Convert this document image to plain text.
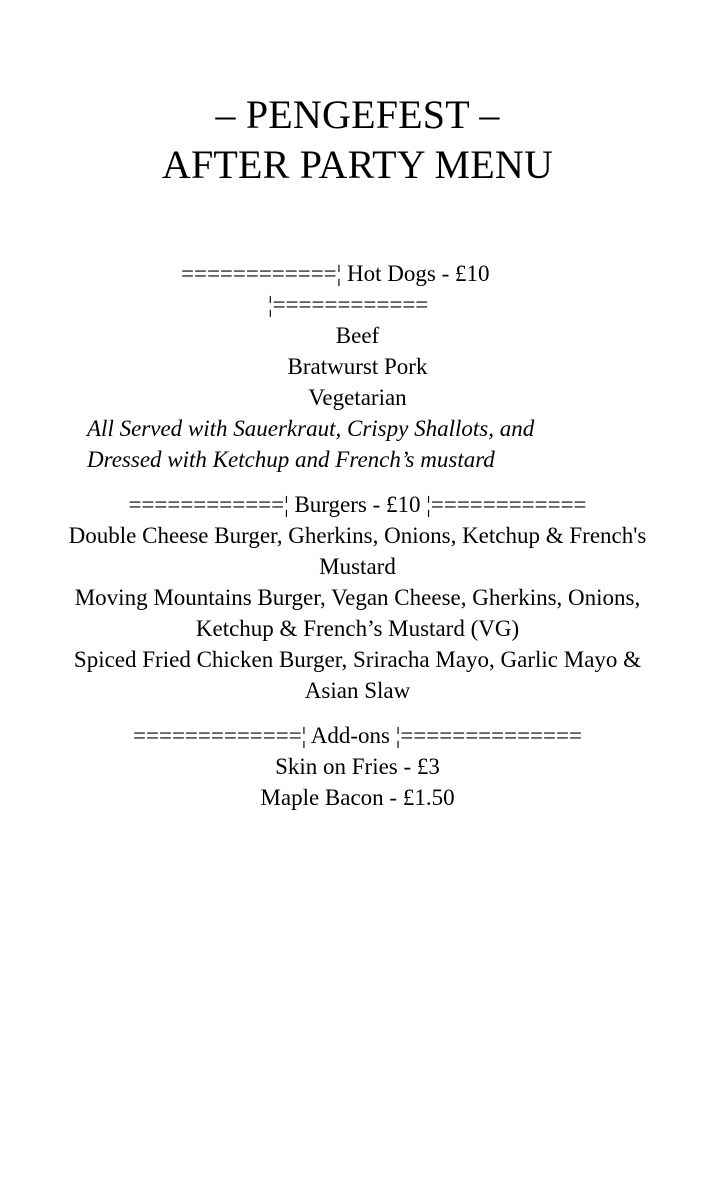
– PENGEFEST –
AFTER PARTY MENU
============¦ Hot Dogs - £10
¦============
Beef
Bratwurst Pork
Vegetarian
All Served with Sauerkraut, Crispy Shallots, and
Dressed with Ketchup and French’s mustard
============¦ Burgers - £10 ¦============
Double Cheese Burger, Gherkins, Onions, Ketchup & French's Mustard
Moving Mountains Burger, Vegan Cheese, Gherkins, Onions, Ketchup & French’s Mustard (VG)
Spiced Fried Chicken Burger, Sriracha Mayo, Garlic Mayo & Asian Slaw
=============¦ Add-ons ¦==============
Skin on Fries - £3
Maple Bacon - £1.50
